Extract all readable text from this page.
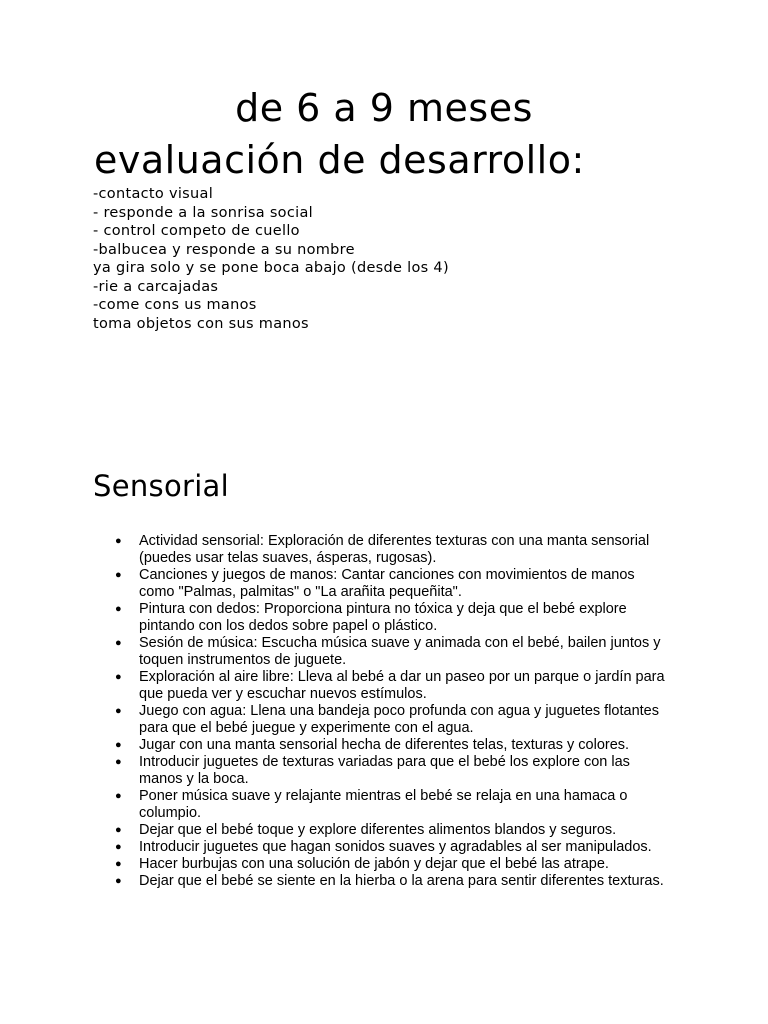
de 6 a 9 meses
evaluación de desarrollo:
-contacto visual
- responde a la sonrisa social
- control competo de cuello
-balbucea y responde a su nombre
ya gira solo y se pone boca abajo (desde los 4)
-rie a carcajadas
-come cons us manos
toma objetos con sus manos
Sensorial
● Actividad sensorial: Exploración de diferentes texturas con una manta sensorial (puedes usar telas suaves, ásperas, rugosas).
● Canciones y juegos de manos: Cantar canciones con movimientos de manos como "Palmas, palmitas" o "La arañita pequeñita".
● Pintura con dedos: Proporciona pintura no tóxica y deja que el bebé explore pintando con los dedos sobre papel o plástico.
● Sesión de música: Escucha música suave y animada con el bebé, bailen juntos y toquen instrumentos de juguete.
● Exploración al aire libre: Lleva al bebé a dar un paseo por un parque o jardín para que pueda ver y escuchar nuevos estímulos.
● Juego con agua: Llena una bandeja poco profunda con agua y juguetes flotantes para que el bebé juegue y experimente con el agua.
● Jugar con una manta sensorial hecha de diferentes telas, texturas y colores.
● Introducir juguetes de texturas variadas para que el bebé los explore con las manos y la boca.
● Poner música suave y relajante mientras el bebé se relaja en una hamaca o columpio.
● Dejar que el bebé toque y explore diferentes alimentos blandos y seguros.
● Introducir juguetes que hagan sonidos suaves y agradables al ser manipulados.
● Hacer burbujas con una solución de jabón y dejar que el bebé las atrape.
● Dejar que el bebé se siente en la hierba o la arena para sentir diferentes texturas.
